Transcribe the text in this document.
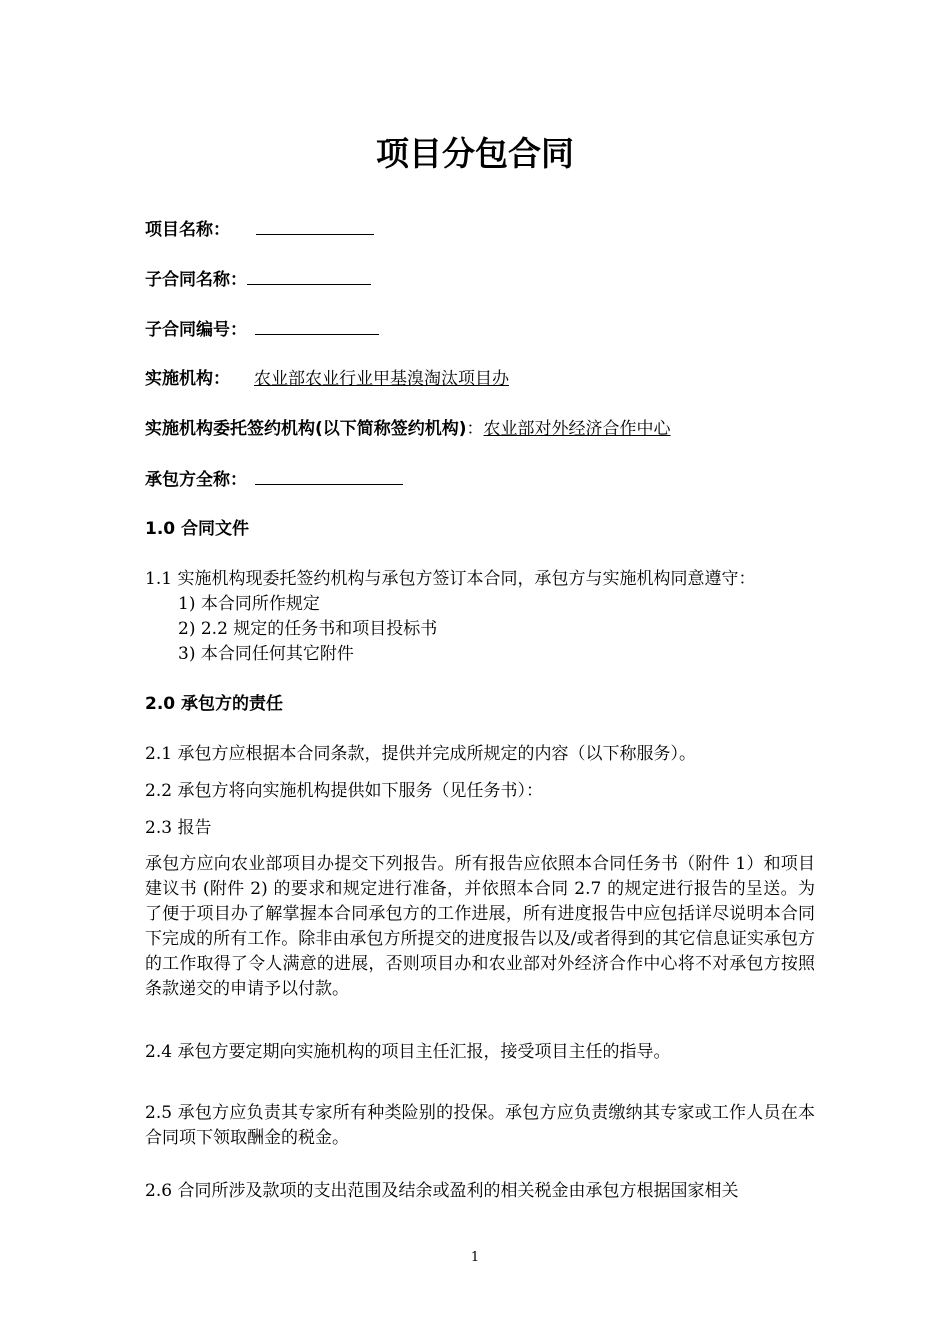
项目分包合同
项目名称：
子合同名称：
子合同编号：
实施机构： 农业部农业行业甲基溴淘汰项目办
实施机构委托签约机构(以下简称签约机构)：农业部对外经济合作中心
承包方全称：
1.0 合同文件
1.1 实施机构现委托签约机构与承包方签订本合同，承包方与实施机构同意遵守：
1) 本合同所作规定
2) 2.2 规定的任务书和项目投标书
3) 本合同任何其它附件
2.0 承包方的责任
2.1 承包方应根据本合同条款，提供并完成所规定的内容（以下称服务）。
2.2 承包方将向实施机构提供如下服务（见任务书）：
2.3 报告
承包方应向农业部项目办提交下列报告。所有报告应依照本合同任务书（附件 1）和项目建议书 (附件 2) 的要求和规定进行准备，并依照本合同 2.7 的规定进行报告的呈送。为了便于项目办了解掌握本合同承包方的工作进展，所有进度报告中应包括详尽说明本合同下完成的所有工作。除非由承包方所提交的进度报告以及/或者得到的其它信息证实承包方的工作取得了令人满意的进展，否则项目办和农业部对外经济合作中心将不对承包方按照条款递交的申请予以付款。
2.4 承包方要定期向实施机构的项目主任汇报，接受项目主任的指导。
2.5 承包方应负责其专家所有种类险别的投保。承包方应负责缴纳其专家或工作人员在本合同项下领取酬金的税金。
2.6 合同所涉及款项的支出范围及结余或盈利的相关税金由承包方根据国家相关
1
